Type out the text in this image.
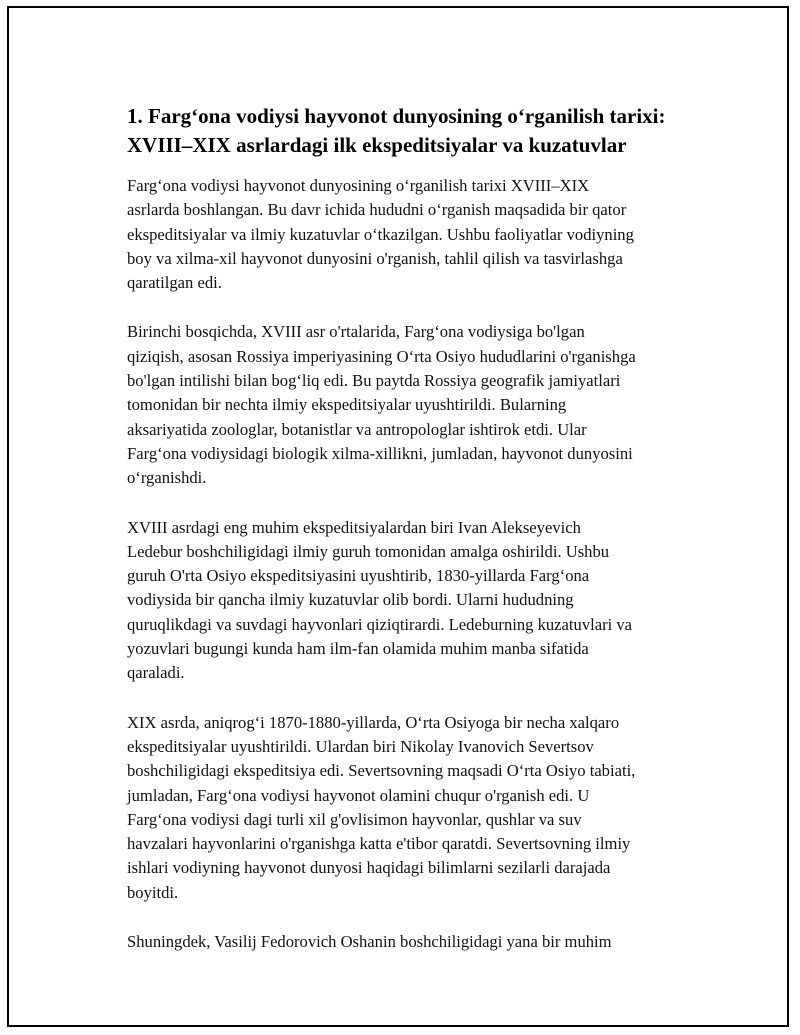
1. Farg‘ona vodiysi hayvonot dunyosining o‘rganilish tarixi:
XVIII–XIX asrlardagi ilk ekspeditsiyalar va kuzatuvlar

Farg‘ona vodiysi hayvonot dunyosining o‘rganilish tarixi XVIII–XIX
asrlarda boshlangan. Bu davr ichida hududni o‘rganish maqsadida bir qator
ekspeditsiyalar va ilmiy kuzatuvlar o‘tkazilgan. Ushbu faoliyatlar vodiyning
boy va xilma-xil hayvonot dunyosini o'rganish, tahlil qilish va tasvirlashga
qaratilgan edi.

Birinchi bosqichda, XVIII asr o'rtalarida, Farg‘ona vodiysiga bo'lgan
qiziqish, asosan Rossiya imperiyasining O‘rta Osiyo hududlarini o'rganishga
bo'lgan intilishi bilan bog‘liq edi. Bu paytda Rossiya geografik jamiyatlari
tomonidan bir nechta ilmiy ekspeditsiyalar uyushtirildi. Bularning
aksariyatida zoologlar, botanistlar va antropologlar ishtirok etdi. Ular
Farg‘ona vodiysidagi biologik xilma-xillikni, jumladan, hayvonot dunyosini
o‘rganishdi.

XVIII asrdagi eng muhim ekspeditsiyalardan biri Ivan Alekseyevich
Ledebur boshchiligidagi ilmiy guruh tomonidan amalga oshirildi. Ushbu
guruh O'rta Osiyo ekspeditsiyasini uyushtirib, 1830-yillarda Farg‘ona
vodiysida bir qancha ilmiy kuzatuvlar olib bordi. Ularni hududning
quruqlikdagi va suvdagi hayvonlari qiziqtirardi. Ledeburning kuzatuvlari va
yozuvlari bugungi kunda ham ilm-fan olamida muhim manba sifatida
qaraladi.

XIX asrda, aniqrog‘i 1870-1880-yillarda, O‘rta Osiyoga bir necha xalqaro
ekspeditsiyalar uyushtirildi. Ulardan biri Nikolay Ivanovich Severtsov
boshchiligidagi ekspeditsiya edi. Severtsovning maqsadi O‘rta Osiyo tabiati,
jumladan, Farg‘ona vodiysi hayvonot olamini chuqur o'rganish edi. U
Farg‘ona vodiysi dagi turli xil g'ovlisimon hayvonlar, qushlar va suv
havzalari hayvonlarini o'rganishga katta e'tibor qaratdi. Severtsovning ilmiy
ishlari vodiyning hayvonot dunyosi haqidagi bilimlarni sezilarli darajada
boyitdi.

Shuningdek, Vasilij Fedorovich Oshanin boshchiligidagi yana bir muhim
